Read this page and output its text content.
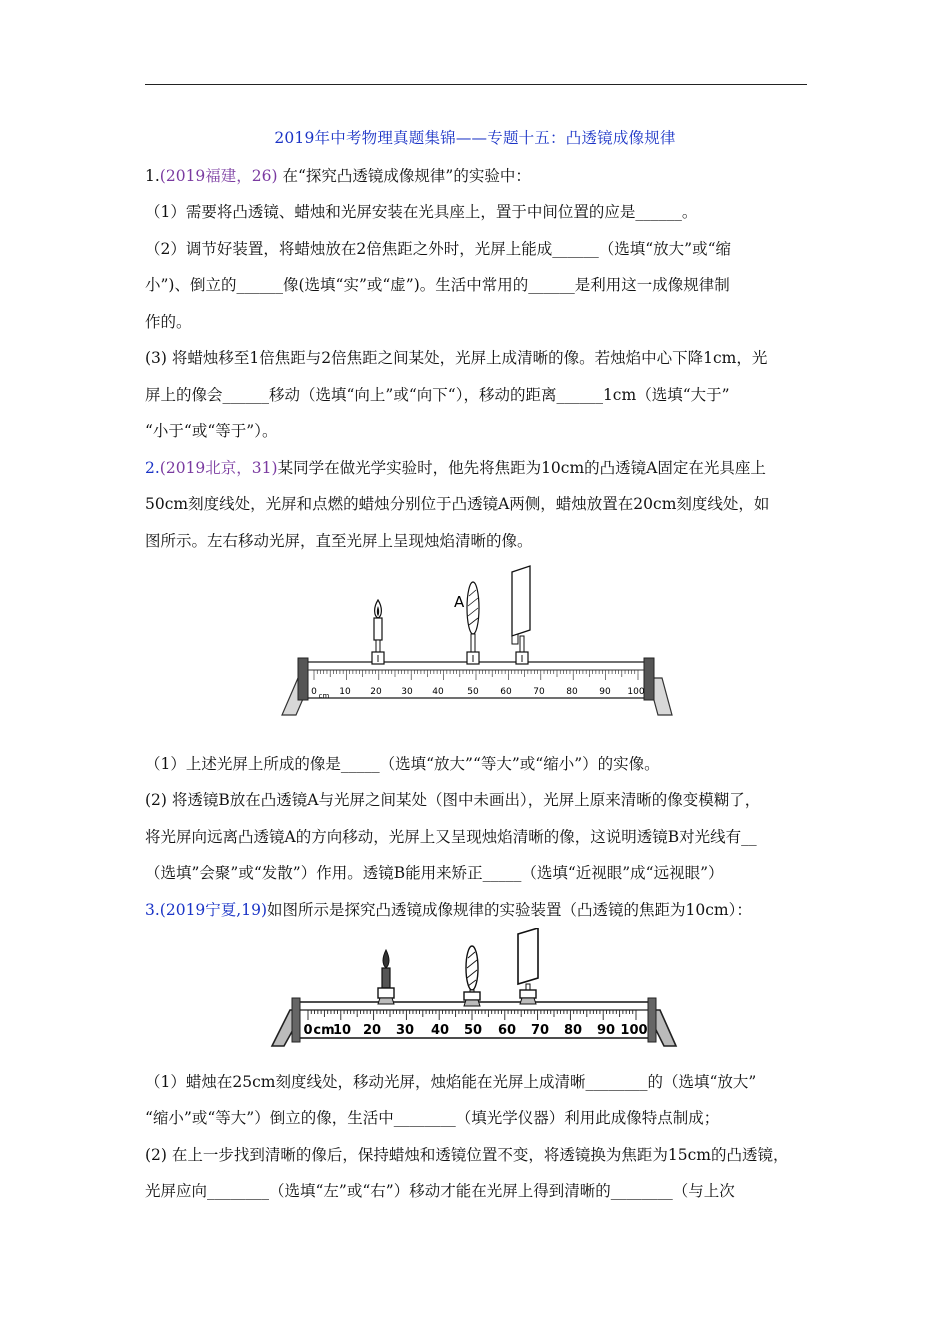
2019年中考物理真题集锦——专题十五：凸透镜成像规律
1.(2019福建，26) 在“探究凸透镜成像规律”的实验中：
（1）需要将凸透镜、蜡烛和光屏安装在光具座上，置于中间位置的应是______。
（2）调节好装置，将蜡烛放在2倍焦距之外时，光屏上能成______（选填“放大”或“缩
小”)、倒立的______像(选填“实”或“虚”)。生活中常用的______是利用这一成像规律制
作的。
(3) 将蜡烛移至1倍焦距与2倍焦距之间某处，光屏上成清晰的像。若烛焰中心下降1cm，光
屏上的像会______移动（选填“向上”或“向下“），移动的距离______1cm（选填“大于”
“小于“或“等于”）。
2.(2019北京，31)某同学在做光学实验时，他先将焦距为10cm的凸透镜A固定在光具座上
50cm刻度线处，光屏和点燃的蜡烛分别位于凸透镜A两侧，蜡烛放置在20cm刻度线处，如
图所示。左右移动光屏，直至光屏上呈现烛焰清晰的像。
0 10 20 30 40	50 60 70 80 90 100
cm
A
（1）上述光屏上所成的像是_____（选填“放大”“等大”或“缩小”）的实像。
(2) 将透镜B放在凸透镜A与光屏之间某处（图中未画出），光屏上原来清晰的像变模糊了，
将光屏向远离凸透镜A的方向移动，光屏上又呈现烛焰清晰的像，这说明透镜B对光线有__
（选填”会聚”或“发散”）作用。透镜B能用来矫正_____（选填“近视眼”成“远视眼”）
3.(2019宁夏,19)如图所示是探究凸透镜成像规律的实验装置（凸透镜的焦距为10cm）：
0 cm
10 20 30 40 50 60 70 80 90 100
（1）蜡烛在25cm刻度线处，移动光屏，烛焰能在光屏上成清晰________的（选填“放大”
“缩小”或“等大”）倒立的像，生活中________（填光学仪器）利用此成像特点制成；
(2) 在上一步找到清晰的像后，保持蜡烛和透镜位置不变，将透镜换为焦距为15cm的凸透镜，
光屏应向________（选填“左”或“右”）移动才能在光屏上得到清晰的________（与上次
